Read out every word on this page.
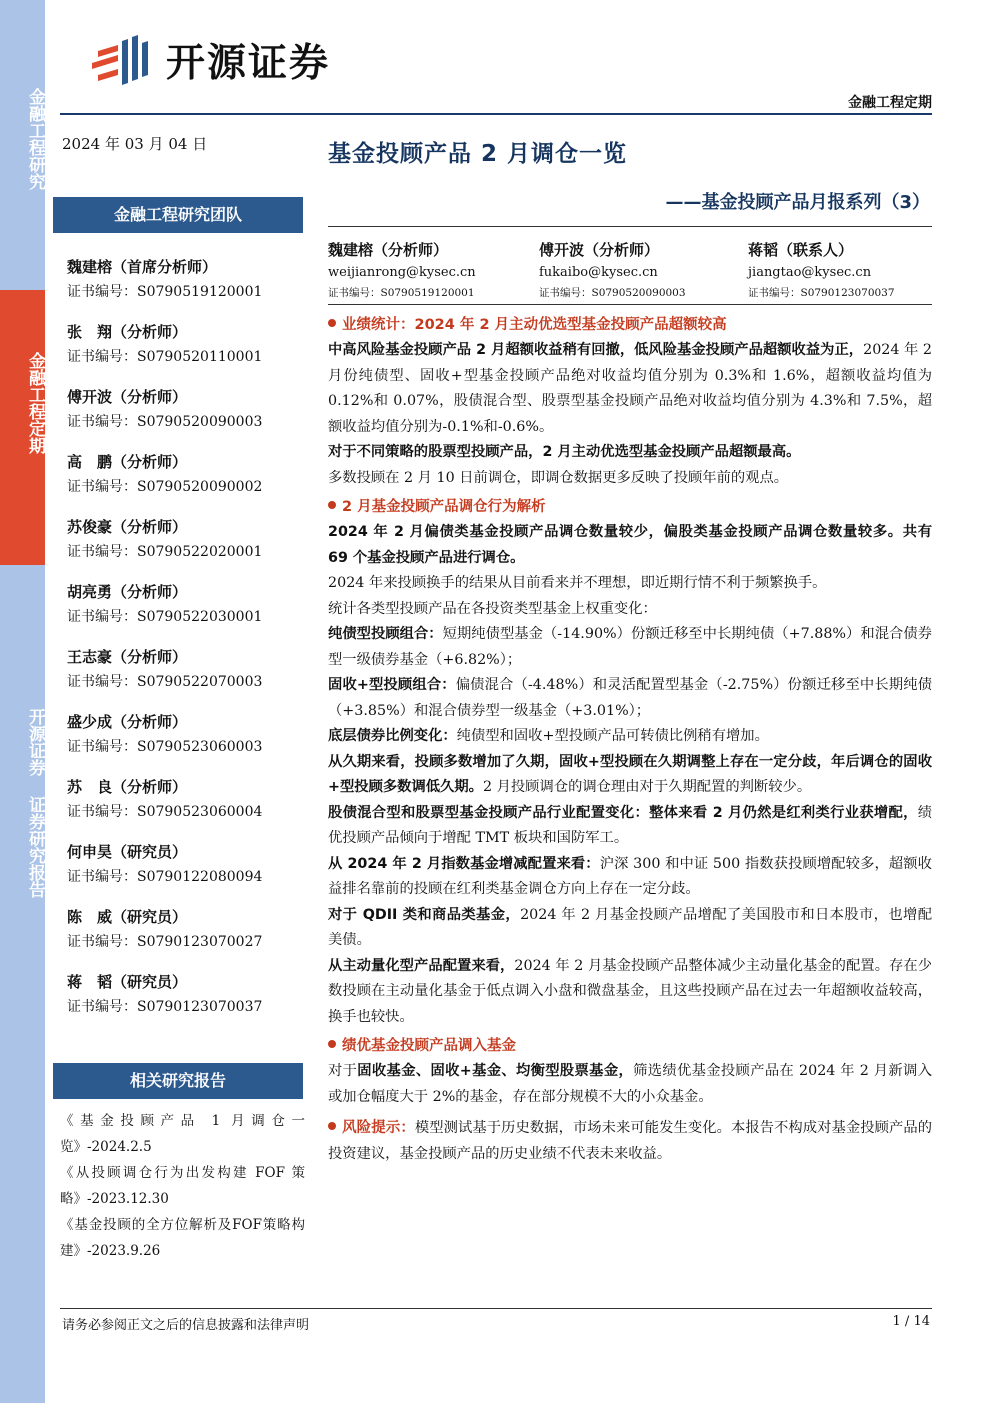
金融工程研究
金融工程定期
开源证券 证券研究报告
开源证券
金融工程定期
2024 年 03 月 04 日	基金投顾产品 2 月调仓一览
——基金投顾产品月报系列（3）
魏建榕（分析师）
weijianrong@kysec.cn
证书编号：S0790519120001
傅开波（分析师）
fukaibo@kysec.cn
证书编号：S0790520090003
蒋韬（联系人）
jiangtao@kysec.cn
证书编号：S0790123070037
金融工程研究团队
魏建榕（首席分析师）
证书编号：S0790519120001
张　翔（分析师）
证书编号：S0790520110001
傅开波（分析师）
证书编号：S0790520090003
高　鹏（分析师）
证书编号：S0790520090002
苏俊豪（分析师）
证书编号：S0790522020001
胡亮勇（分析师）
证书编号：S0790522030001
王志豪（分析师）
证书编号：S0790522070003
盛少成（分析师）
证书编号：S0790523060003
苏　良（分析师）
证书编号：S0790523060004
何申昊（研究员）
证书编号：S0790122080094
陈　威（研究员）
证书编号：S0790123070027
蒋　韬（研究员）
证书编号：S0790123070037
相关研究报告
《基金投顾产品 1 月调仓一览》-2024.2.5
《从投顾调仓行为出发构建 FOF 策略》-2023.12.30
《基金投顾的全方位解析及FOF策略构建》-2023.9.26
业绩统计：2024 年 2 月主动优选型基金投顾产品超额较高

中高风险基金投顾产品 2 月超额收益稍有回撤，低风险基金投顾产品超额收益为正，2024 年 2 月份纯债型、固收+型基金投顾产品绝对收益均值分别为 0.3%和 1.6%，超额收益均值为 0.12%和 0.07%，股债混合型、股票型基金投顾产品绝对收益均值分别为 4.3%和 7.5%，超额收益均值分别为-0.1%和-0.6%。

对于不同策略的股票型投顾产品，2 月主动优选型基金投顾产品超额最高。

多数投顾在 2 月 10 日前调仓，即调仓数据更多反映了投顾年前的观点。

2 月基金投顾产品调仓行为解析

2024 年 2 月偏债类基金投顾产品调仓数量较少，偏股类基金投顾产品调仓数量较多。共有 69 个基金投顾产品进行调仓。

2024 年来投顾换手的结果从目前看来并不理想，即近期行情不利于频繁换手。

统计各类型投顾产品在各投资类型基金上权重变化：

纯债型投顾组合：短期纯债型基金（-14.90%）份额迁移至中长期纯债（+7.88%）和混合债券型一级债券基金（+6.82%）；

固收+型投顾组合：偏债混合（-4.48%）和灵活配置型基金（-2.75%）份额迁移至中长期纯债（+3.85%）和混合债券型一级基金（+3.01%）；

底层债券比例变化：纯债型和固收+型投顾产品可转债比例稍有增加。

从久期来看，投顾多数增加了久期，固收+型投顾在久期调整上存在一定分歧，年后调仓的固收+型投顾多数调低久期。2 月投顾调仓的调仓理由对于久期配置的判断较少。

股债混合型和股票型基金投顾产品行业配置变化：整体来看 2 月仍然是红利类行业获增配，绩优投顾产品倾向于增配 TMT 板块和国防军工。

从 2024 年 2 月指数基金增减配置来看：沪深 300 和中证 500 指数获投顾增配较多，超额收益排名靠前的投顾在红利类基金调仓方向上存在一定分歧。

对于 QDII 类和商品类基金，2024 年 2 月基金投顾产品增配了美国股市和日本股市，也增配美债。

从主动量化型产品配置来看，2024 年 2 月基金投顾产品整体减少主动量化基金的配置。存在少数投顾在主动量化基金于低点调入小盘和微盘基金，且这些投顾产品在过去一年超额收益较高，换手也较快。

绩优基金投顾产品调入基金

对于固收基金、固收+基金、均衡型股票基金，筛选绩优基金投顾产品在 2024 年 2 月新调入或加仓幅度大于 2%的基金，存在部分规模不大的小众基金。

风险提示：模型测试基于历史数据，市场未来可能发生变化。本报告不构成对基金投顾产品的投资建议，基金投顾产品的历史业绩不代表未来收益。

请务必参阅正文之后的信息披露和法律声明	1 / 14
